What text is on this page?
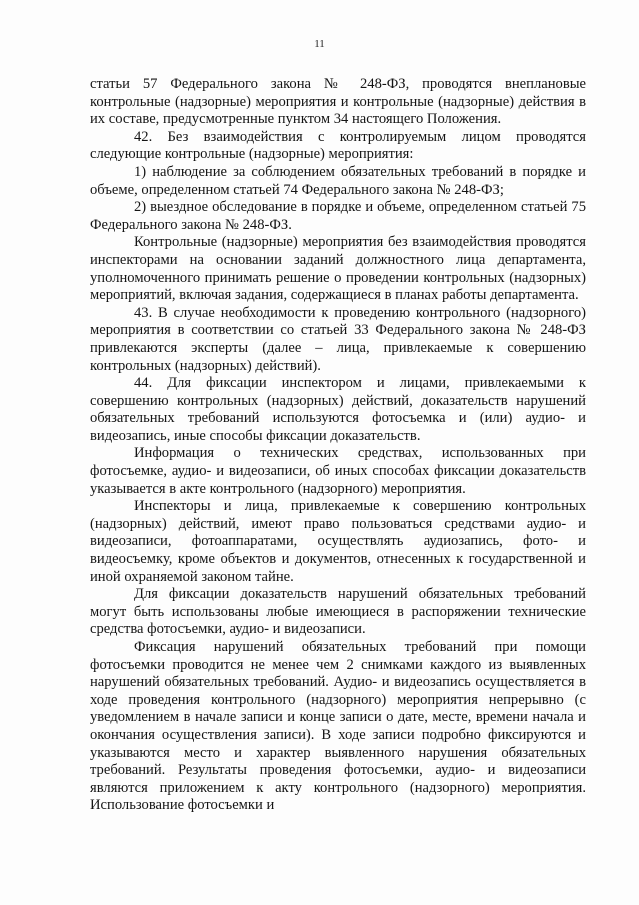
11

статьи 57 Федерального закона № 248-ФЗ, проводятся внеплановые контрольные (надзорные) мероприятия и контрольные (надзорные) действия в их составе, предусмотренные пунктом 34 настоящего Положения.

42. Без взаимодействия с контролируемым лицом проводятся следующие контрольные (надзорные) мероприятия:

1) наблюдение за соблюдением обязательных требований в порядке и объеме, определенном статьей 74 Федерального закона № 248-ФЗ;

2) выездное обследование в порядке и объеме, определенном статьей 75 Федерального закона № 248-ФЗ.

Контрольные (надзорные) мероприятия без взаимодействия проводятся инспекторами на основании заданий должностного лица департамента, уполномоченного принимать решение о проведении контрольных (надзорных) мероприятий, включая задания, содержащиеся в планах работы департамента.

43. В случае необходимости к проведению контрольного (надзорного) мероприятия в соответствии со статьей 33 Федерального закона № 248-ФЗ привлекаются эксперты (далее – лица, привлекаемые к совершению контрольных (надзорных) действий).

44. Для фиксации инспектором и лицами, привлекаемыми к совершению контрольных (надзорных) действий, доказательств нарушений обязательных требований используются фотосъемка и (или) аудио- и видеозапись, иные способы фиксации доказательств.

Информация о технических средствах, использованных при фотосъемке, аудио- и видеозаписи, об иных способах фиксации доказательств указывается в акте контрольного (надзорного) мероприятия.

Инспекторы и лица, привлекаемые к совершению контрольных (надзорных) действий, имеют право пользоваться средствами аудио- и видеозаписи, фотоаппаратами, осуществлять аудиозапись, фото- и видеосъемку, кроме объектов и документов, отнесенных к государственной и иной охраняемой законом тайне.

Для фиксации доказательств нарушений обязательных требований могут быть использованы любые имеющиеся в распоряжении технические средства фотосъемки, аудио- и видеозаписи.

Фиксация нарушений обязательных требований при помощи фотосъемки проводится не менее чем 2 снимками каждого из выявленных нарушений обязательных требований. Аудио- и видеозапись осуществляется в ходе проведения контрольного (надзорного) мероприятия непрерывно (с уведомлением в начале записи и конце записи о дате, месте, времени начала и окончания осуществления записи). В ходе записи подробно фиксируются и указываются место и характер выявленного нарушения обязательных требований. Результаты проведения фотосъемки, аудио- и видеозаписи являются приложением к акту контрольного (надзорного) мероприятия. Использование фотосъемки и
